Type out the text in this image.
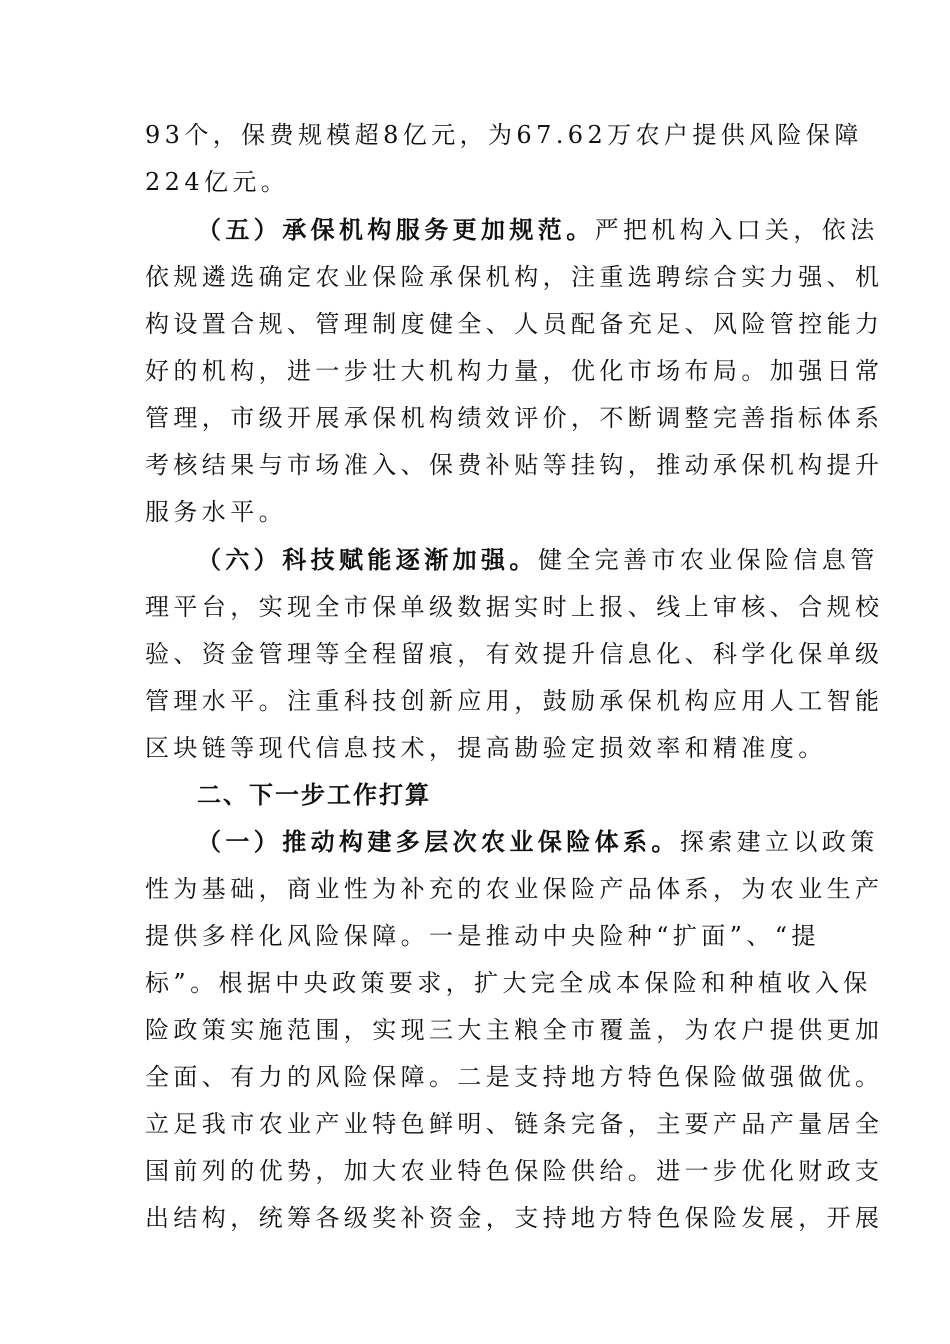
93个，保费规模超8亿元，为67.62万农户提供风险保障
224亿元。
（五）承保机构服务更加规范。严把机构入口关，依法
依规遴选确定农业保险承保机构，注重选聘综合实力强、机
构设置合规、管理制度健全、人员配备充足、风险管控能力
好的机构，进一步壮大机构力量，优化市场布局。加强日常
管理，市级开展承保机构绩效评价，不断调整完善指标体系
考核结果与市场准入、保费补贴等挂钩，推动承保机构提升
服务水平。
（六）科技赋能逐渐加强。健全完善市农业保险信息管
理平台，实现全市保单级数据实时上报、线上审核、合规校
验、资金管理等全程留痕，有效提升信息化、科学化保单级
管理水平。注重科技创新应用，鼓励承保机构应用人工智能
区块链等现代信息技术，提高勘验定损效率和精准度。
二、下一步工作打算
（一）推动构建多层次农业保险体系。探索建立以政策
性为基础，商业性为补充的农业保险产品体系，为农业生产
提供多样化风险保障。一是推动中央险种“扩面”、“提
标”。根据中央政策要求，扩大完全成本保险和种植收入保
险政策实施范围，实现三大主粮全市覆盖，为农户提供更加
全面、有力的风险保障。二是支持地方特色保险做强做优。
立足我市农业产业特色鲜明、链条完备，主要产品产量居全
国前列的优势，加大农业特色保险供给。进一步优化财政支
出结构，统筹各级奖补资金，支持地方特色保险发展，开展
